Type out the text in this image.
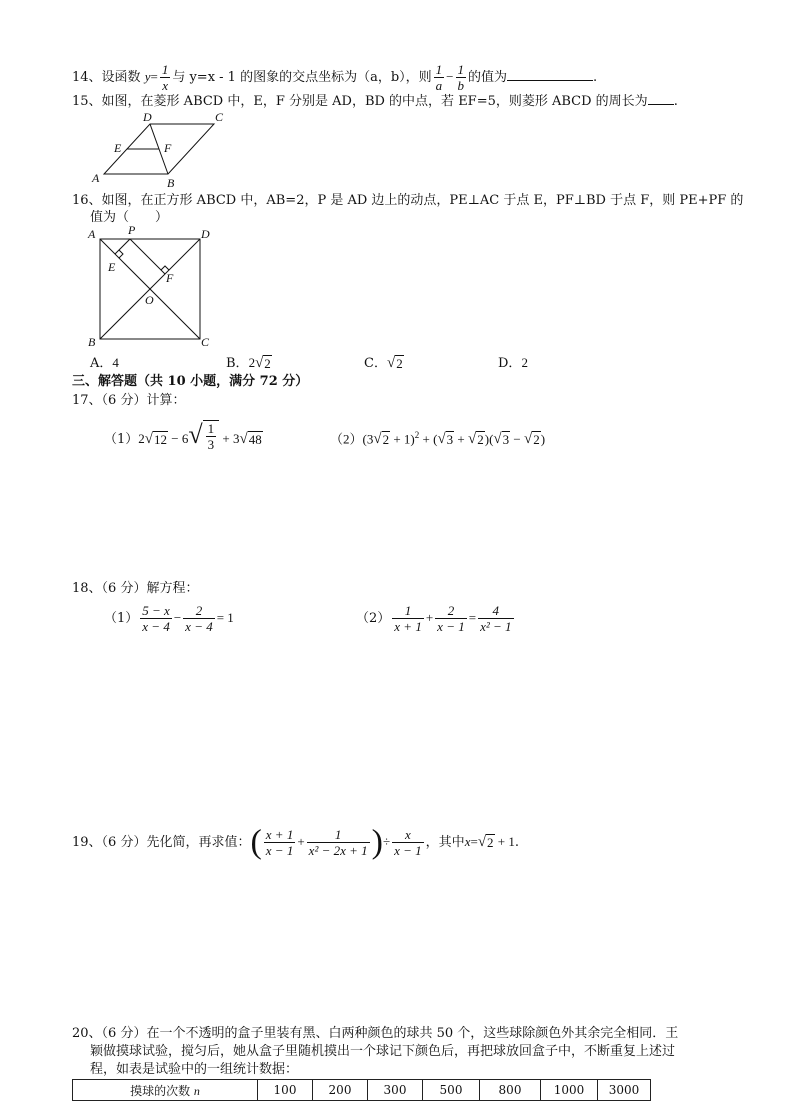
14、设函数 $y= \frac{1}{x}$ 与 y=x - 1 的图象的交点坐标为（a，b），则 $\frac{1}{a} - \frac{1}{b}$ 的值为	.
15、如图，在菱形 ABCD 中，E，F 分别是 AD，BD 的中点，若 EF=5，则菱形 ABCD 的周长为 .
A	B
C
D
E	F
16、如图，在正方形 ABCD 中，AB=2，P 是 AD 边上的动点，PE⊥AC 于点 E，PF⊥BD 于点 F，则 PE+PF 的
值为（　　）
A	P	D
E
F
O
B	C
A．4	B．2 √ 2	C． √ 2	D．2
三、解答题（共 10 小题，满分 72 分）
17、（6 分）计算：
（1）2 √ 12 − 6 √ $\frac{1}{3} + 3$ √ 48	（2）(3 √ 2 + 1)$^2$ + ( √ 3 + √ 2 )( √ 3 − √ 2 )
18、（6 分）解方程：
$(1) \frac{5 - x}{x - 4} - \frac{2}{x - 4} = 1$	$(2) \frac{1}{x + 1} + \frac{2}{x - 1} = \frac{4}{\text{x² − 1}}$
19、（6 分）先化简，再求值：( $\frac{x + 1}{x - 1} + \frac{1}{\text{x² − 2x + 1}}$ )÷ $\frac{x}{x - 1}$ ，其中x= √ 2 + 1.
20、（6 分）在一个不透明的盒子里装有黑、白两种颜色的球共 50 个，这些球除颜色外其余完全相同．王
颖做摸球试验，搅匀后，她从盒子里随机摸出一个球记下颜色后，再把球放回盒子中，不断重复上述过
程，如表是试验中的一组统计数据：
摸球的次数 n	100	200	300	500	800	1000	3000
